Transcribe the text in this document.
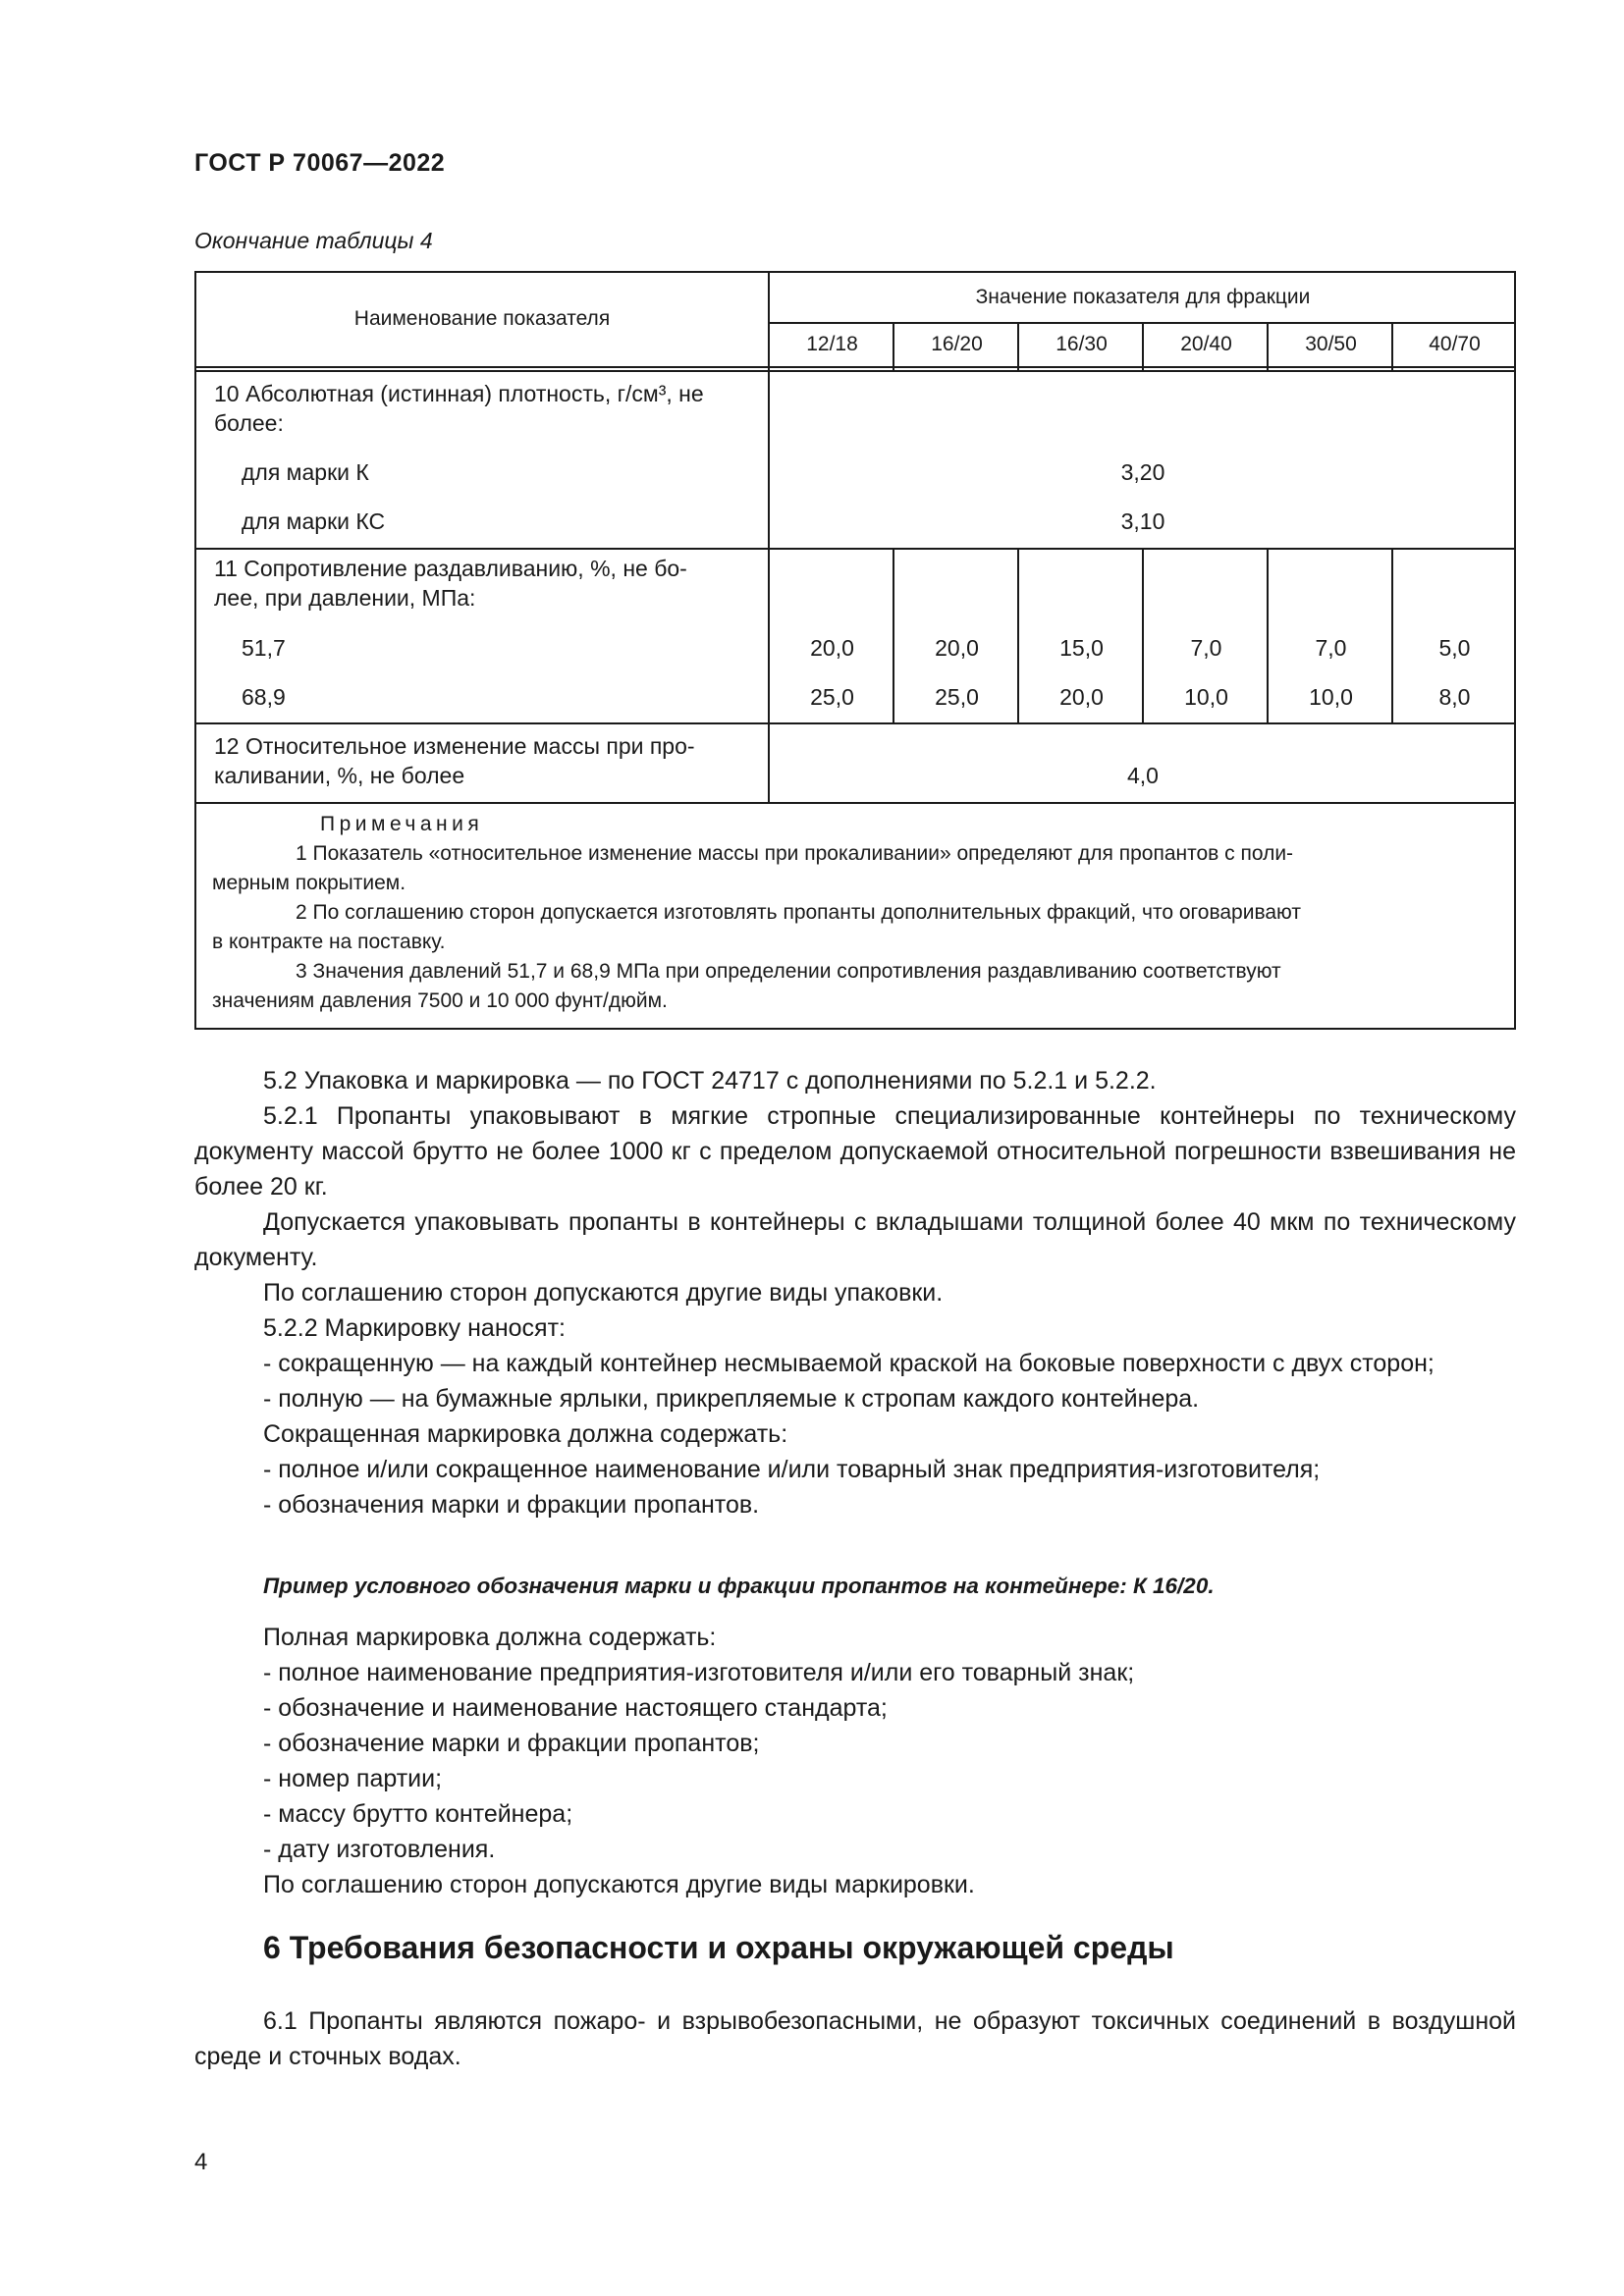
ГОСТ Р 70067—2022
Окончание таблицы 4
Наименование показателя
Значение показателя для фракции
12/18	16/20	16/30	20/40	30/50	40/70
10 Абсолютная (истинная) плотность, г/см³, не
более:
для марки К	3,20
для марки КС	3,10
11 Сопротивление раздавливанию, %, не бо-
лее, при давлении, МПа:
51,7	20,0	20,0	15,0	7,0	7,0	5,0
68,9	25,0	25,0	20,0	10,0	10,0	8,0
12 Относительное изменение массы при про-
каливании, %, не более	4,0
Примечания
1 Показатель «относительное изменение массы при прокаливании» определяют для пропантов с поли-
мерным покрытием.
2 По соглашению сторон допускается изготовлять пропанты дополнительных фракций, что оговаривают
в контракте на поставку.
3 Значения давлений 51,7 и 68,9 МПа при определении сопротивления раздавливанию соответствуют
значениям давления 7500 и 10 000 фунт/дюйм.

5.2 Упаковка и маркировка — по ГОСТ 24717 с дополнениями по 5.2.1 и 5.2.2.

5.2.1 Пропанты упаковывают в мягкие стропные специализированные контейнеры по техническому документу массой брутто не более 1000 кг с пределом допускаемой относительной погрешности взвешивания не более 20 кг.

Допускается упаковывать пропанты в контейнеры с вкладышами толщиной более 40 мкм по техническому документу.

По соглашению сторон допускаются другие виды упаковки.

5.2.2 Маркировку наносят:

- сокращенную — на каждый контейнер несмываемой краской на боковые поверхности с двух сторон;

- полную — на бумажные ярлыки, прикрепляемые к стропам каждого контейнера.

Сокращенная маркировка должна содержать:

- полное и/или сокращенное наименование и/или товарный знак предприятия-изготовителя;

- обозначения марки и фракции пропантов.

Пример условного обозначения марки и фракции пропантов на контейнере: К 16/20.

Полная маркировка должна содержать:

- полное наименование предприятия-изготовителя и/или его товарный знак;

- обозначение и наименование настоящего стандарта;

- обозначение марки и фракции пропантов;

- номер партии;

- массу брутто контейнера;

- дату изготовления.

По соглашению сторон допускаются другие виды маркировки.

6 Требования безопасности и охраны окружающей среды

6.1 Пропанты являются пожаро- и взрывобезопасными, не образуют токсичных соединений в воздушной среде и сточных водах.

4
